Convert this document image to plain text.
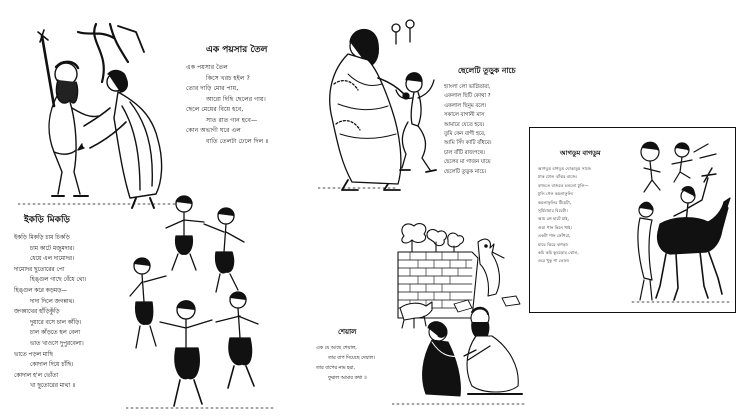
এক পয়সার তৈল
এক পয়সার তৈল
কিসে খরচ হইল ?
তোর দাড়ি মোর পায়,
আরো দিছি ছেলের গায়।
ছেলে মেয়ের বিয়ে হবে,
সাত রাত গান হবে—
কোন অভাগী ঘরে এল
বাতি তেলটা ঢেলে দিল ॥
ছেলেটি তুড়ুক নাচে
হ্যাংলা লো ভাগ্নিতারা,
একলাল ছিটি কোথা ?
একলাল ছিনুম বলে।
সকালে বাগানী মাস
আমারে যেতে হবে।
তুমি কেন বাগী হবে,
আমি সিঁদ কাটি বাঁধবে।
চাল বাঁটি রাজপথে।
ছেলের মা গাজন যায়ে
ছেলেটি তুড়ুক নাচে।
আগডুম বাগডুম
আগডুম বাগডুম ঘোড়াডুম সাজে
ঢাক ঢোল ঝাঁঝর বাজে।
বাজতে বাজতে চললো ঢুলি—
ঢুলি গেল কমলাফুলি।
কমলাফুলির টিয়েটা,
সূর্যিমামার বিয়েটা।
আয় রঙ্গ হাটে যাই,
গুয়া পান কিনে খাই।
একটা পান ফোঁপরা,
মায়ে ঝিয়ে ঝগড়া।
কচি কচি কুমড়োর ঝোল,
ওরে খুকু গা তোল।
ইকড়ি মিকড়ি
ইকড়ি মিকড়ি চাম চিকড়ি
চাম কাটে মজুমদার।
ধেয়ে এল দামোদর।
দামোদর ছুতোরের পো
হিঙ্গুল গাছে বেঁধে থো।
হিঙ্গুল করে কড়মড়—
দাদা দিলে জগন্নাথ।
জগন্নাথের হাঁড়িকুঁড়ি
দুয়ারে বসে চাল কাঁড়ি।
চাল কাঁড়তে হল বেলা
ভাত খাওসে দুপুরবেলা।
ভাতে পড়ল মাছি
কোদাল দিয়ে চাঁছি।
কোদাল হ'ল ভোঁতা
খা ছুতোরের মাথা ॥
শেয়াল
এক যে আছে শেয়াল,
তার বাপ দিয়েছে দেয়াল।
তার বাপের নাম হরা,
ফুরাল আমার কথা ॥
